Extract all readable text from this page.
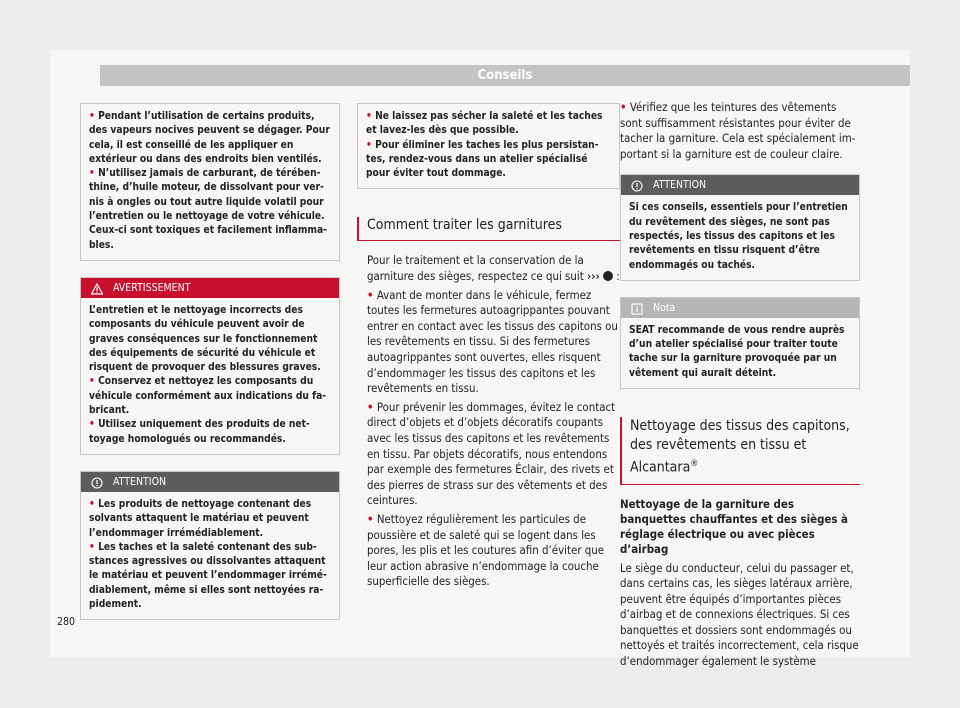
Conseils
• Pendant l’utilisation de certains produits, des vapeurs nocives peuvent se dégager. Pour cela, il est conseillé de les appliquer en extérieur ou dans des endroits bien ventilés.
• N’utilisez jamais de carburant, de térébenthine, d’huile moteur, de dissolvant pour vernis à ongles ou tout autre liquide volatil pour l’entretien ou le nettoyage de votre véhicule. Ceux-ci sont toxiques et facilement inflammables.
AVERTISSEMENT
L’entretien et le nettoyage incorrects des composants du véhicule peuvent avoir de graves conséquences sur le fonctionnement des équipements de sécurité du véhicule et risquent de provoquer des blessures graves.
• Conservez et nettoyez les composants du véhicule conformément aux indications du fabricant.
• Utilisez uniquement des produits de nettoyage homologués ou recommandés.
ATTENTION
• Les produits de nettoyage contenant des solvants attaquent le matériau et peuvent l’endommager irrémédiablement.
• Les taches et la saleté contenant des substances agressives ou dissolvantes attaquent le matériau et peuvent l’endommager irrémédiablement, même si elles sont nettoyées rapidement.
• Ne laissez pas sécher la saleté et les taches et lavez-les dès que possible.
• Pour éliminer les taches les plus persistantes, rendez-vous dans un atelier spécialisé pour éviter tout dommage.
Comment traiter les garnitures
Pour le traitement et la conservation de la garniture des sièges, respectez ce qui suit ››› :
• Avant de monter dans le véhicule, fermez toutes les fermetures autoagrippantes pouvant entrer en contact avec les tissus des capitons ou les revêtements en tissu. Si des fermetures autoagrippantes sont ouvertes, elles risquent d’endommager les tissus des capitons et les revêtements en tissu.
• Pour prévenir les dommages, évitez le contact direct d’objets et d’objets décoratifs coupants avec les tissus des capitons et les revêtements en tissu. Par objets décoratifs, nous entendons par exemple des fermetures Éclair, des rivets et des pierres de strass sur des vêtements et des ceintures.
• Nettoyez régulièrement les particules de poussière et de saleté qui se logent dans les pores, les plis et les coutures afin d’éviter que leur action abrasive n’endommage la couche superficielle des sièges.
• Vérifiez que les teintures des vêtements sont suffisamment résistantes pour éviter de tacher la garniture. Cela est spécialement important si la garniture est de couleur claire.
ATTENTION
Si ces conseils, essentiels pour l’entretien du revêtement des sièges, ne sont pas respectés, les tissus des capitons et les revêtements en tissu risquent d’être endommagés ou tachés.
Nota
SEAT recommande de vous rendre auprès d’un atelier spécialisé pour traiter toute tache sur la garniture provoquée par un vêtement qui aurait déteint.
Nettoyage des tissus des capitons, des revêtements en tissu et Alcantara®
Nettoyage de la garniture des banquettes chauffantes et des sièges à réglage électrique ou avec pièces d’airbag
Le siège du conducteur, celui du passager et, dans certains cas, les sièges latéraux arrière, peuvent être équipés d’importantes pièces d’airbag et de connexions électriques. Si ces banquettes et dossiers sont endommagés ou nettoyés et traités incorrectement, cela risque d’endommager également le système
280
